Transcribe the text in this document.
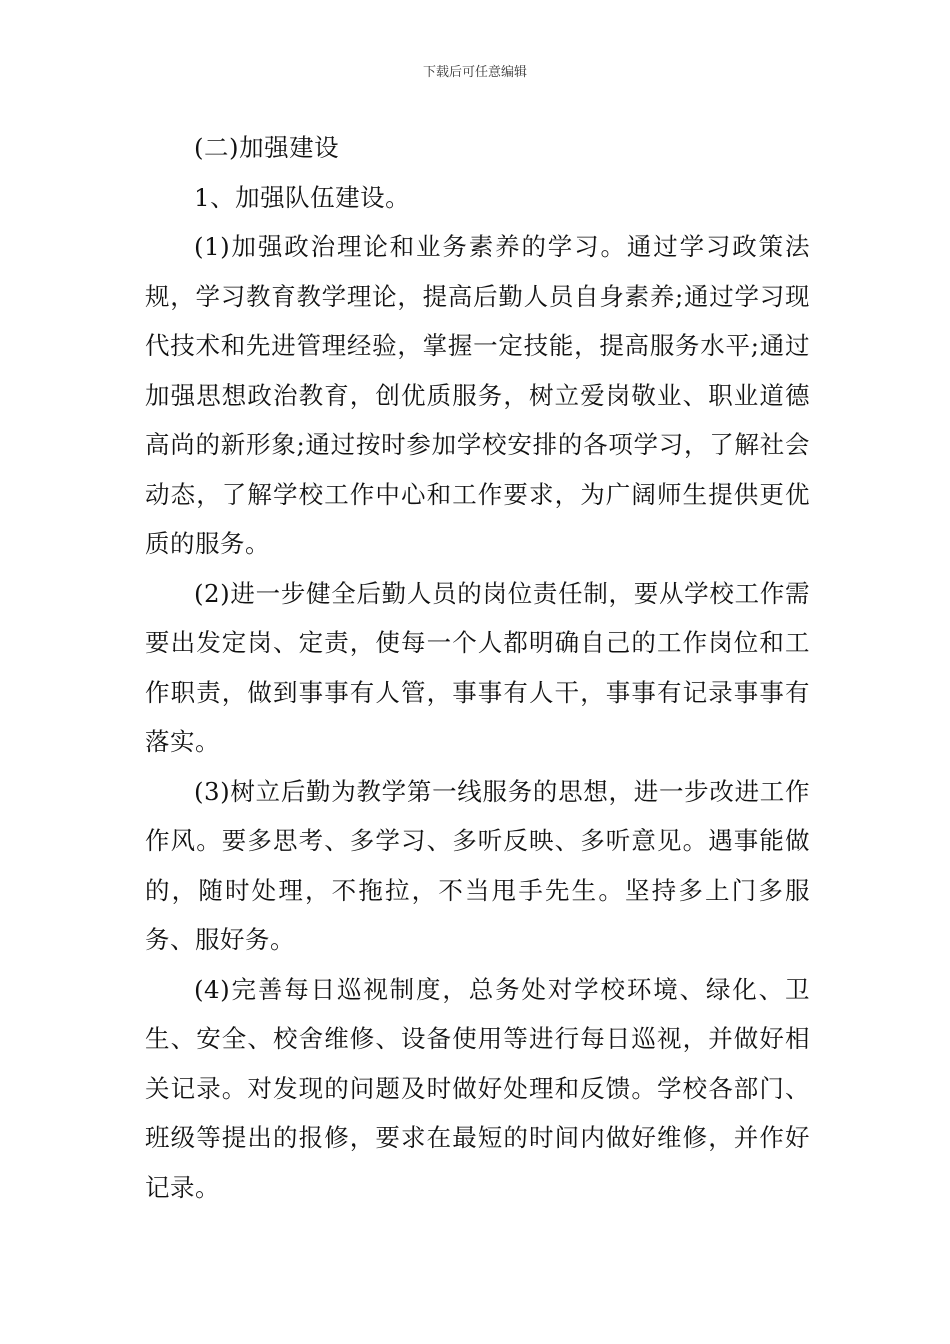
下载后可任意编辑

(二)加强建设

1、加强队伍建设。

(1)加强政治理论和业务素养的学习。通过学习政策法规，学习教育教学理论，提高后勤人员自身素养;通过学习现代技术和先进管理经验，掌握一定技能，提高服务水平;通过加强思想政治教育，创优质服务，树立爱岗敬业、职业道德高尚的新形象;通过按时参加学校安排的各项学习，了解社会动态，了解学校工作中心和工作要求，为广阔师生提供更优质的服务。

(2)进一步健全后勤人员的岗位责任制，要从学校工作需要出发定岗、定责，使每一个人都明确自己的工作岗位和工作职责，做到事事有人管，事事有人干，事事有记录事事有落实。

(3)树立后勤为教学第一线服务的思想，进一步改进工作作风。要多思考、多学习、多听反映、多听意见。遇事能做的，随时处理，不拖拉，不当甩手先生。坚持多上门多服务、服好务。

(4)完善每日巡视制度，总务处对学校环境、绿化、卫生、安全、校舍维修、设备使用等进行每日巡视，并做好相关记录。对发现的问题及时做好处理和反馈。学校各部门、班级等提出的报修，要求在最短的时间内做好维修，并作好记录。
